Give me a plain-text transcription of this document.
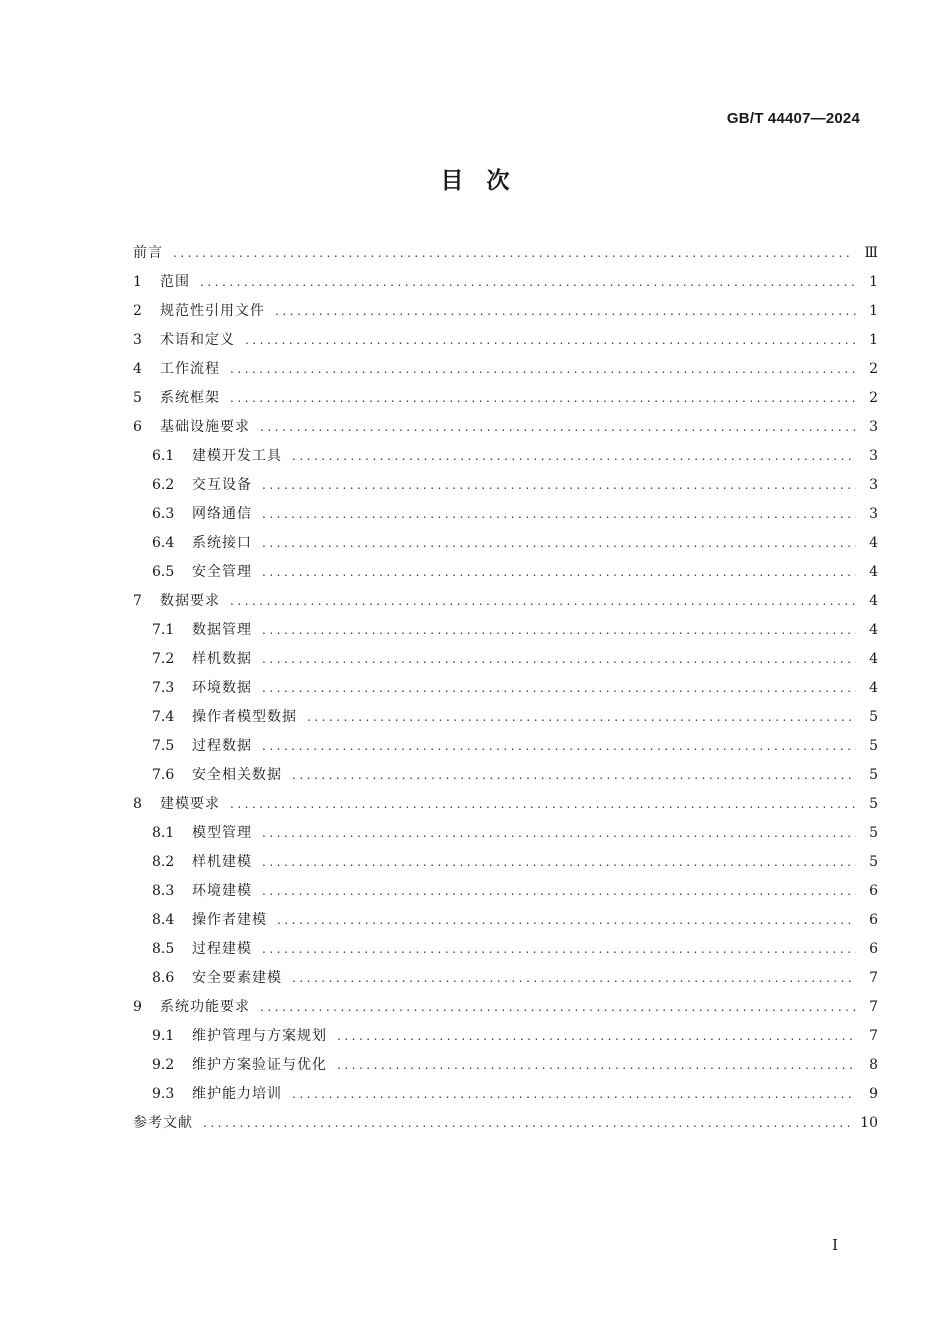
GB/T 44407—2024
目　次
前言 .....	Ⅲ
1	范围 .....	1
2	规范性引用文件 .....	1
3	术语和定义 .....	1
4	工作流程 .....	2
5	系统框架 .....	2
6	基础设施要求 .....	3
6.1	建模开发工具 .....	3
6.2	交互设备 .....	3
6.3	网络通信 .....	3
6.4	系统接口 .....	4
6.5	安全管理 .....	4
7	数据要求 .....	4
7.1	数据管理 .....	4
7.2	样机数据 .....	4
7.3	环境数据 .....	4
7.4	操作者模型数据 .....	5
7.5	过程数据 .....	5
7.6	安全相关数据 .....	5
8	建模要求 .....	5
8.1	模型管理 .....	5
8.2	样机建模 .....	5
8.3	环境建模 .....	6
8.4	操作者建模 .....	6
8.5	过程建模 .....	6
8.6	安全要素建模 .....	7
9	系统功能要求 .....	7
9.1	维护管理与方案规划 .....	7
9.2	维护方案验证与优化 .....	8
9.3	维护能力培训 .....	9
参考文献 .....	10
I
